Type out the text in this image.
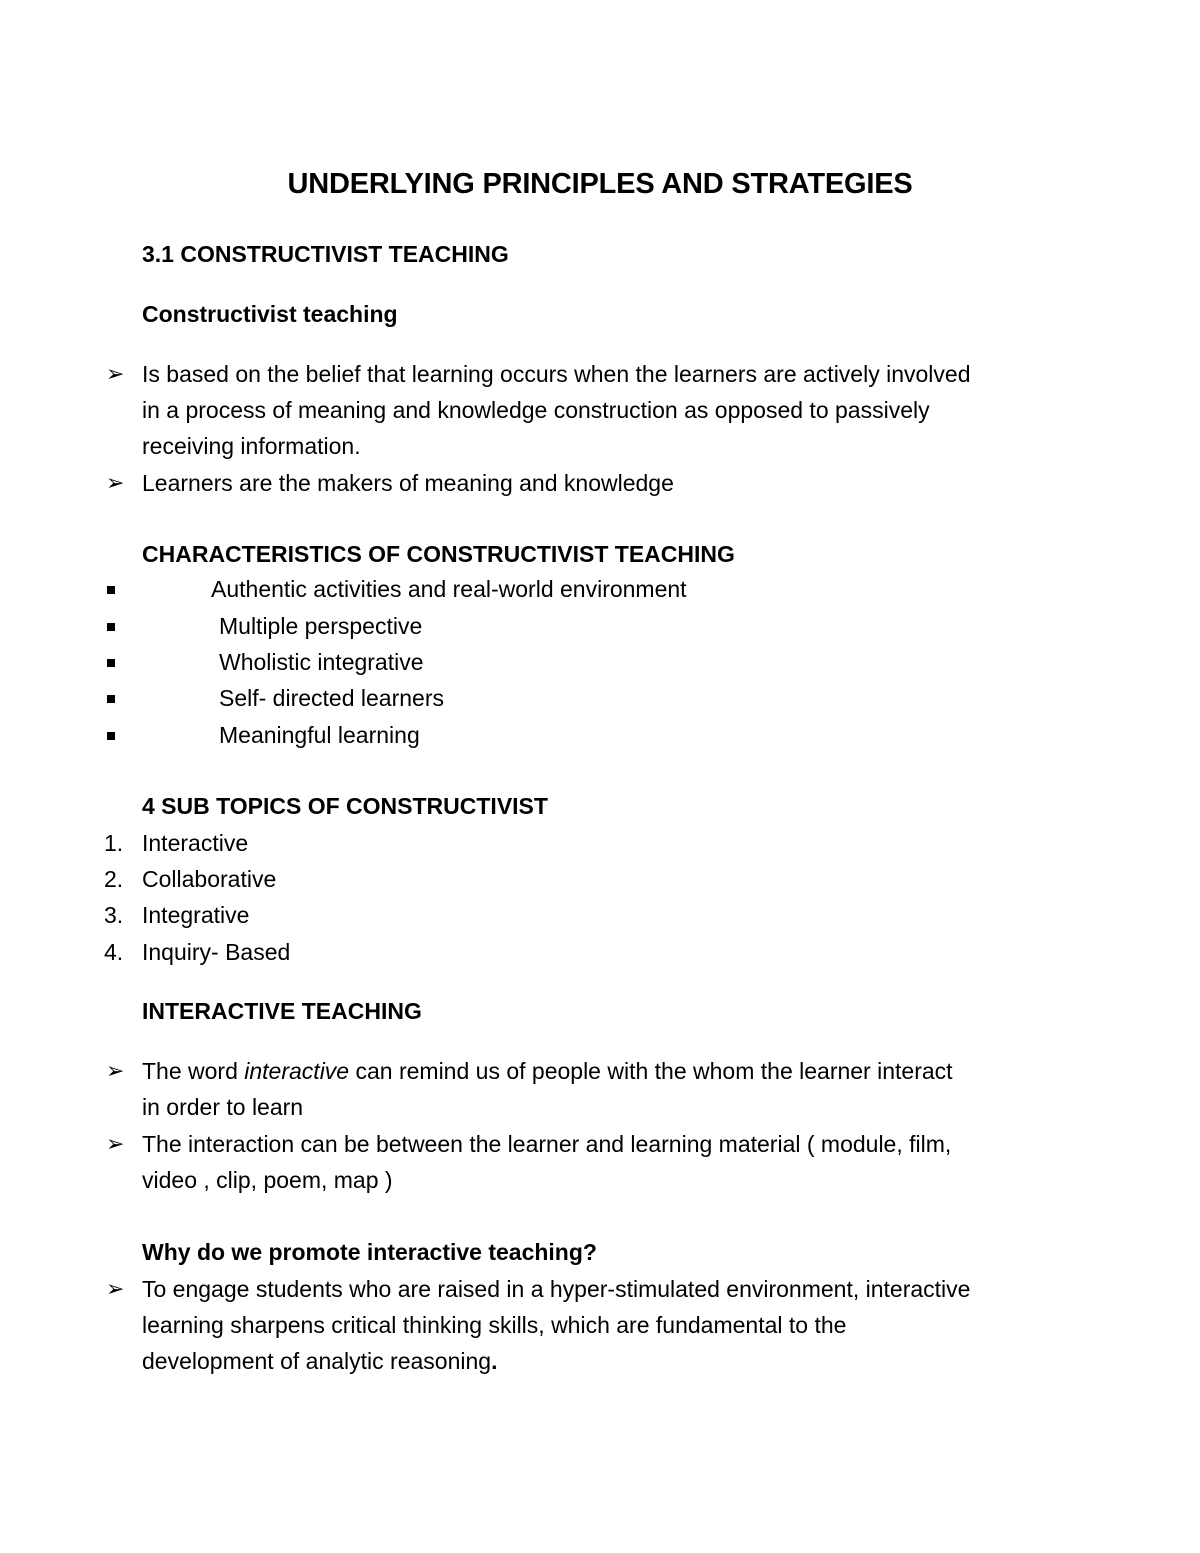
UNDERLYING PRINCIPLES AND STRATEGIES
3.1 CONSTRUCTIVIST TEACHING
Constructivist teaching
➢ Is based on the belief that learning occurs when the learners are actively involved
in a process of meaning and knowledge construction as opposed to passively
receiving information.
➢ Learners are the makers of meaning and knowledge
CHARACTERISTICS OF CONSTRUCTIVIST TEACHING
Authentic activities and real-world environment
Multiple perspective
Wholistic integrative
Self- directed learners
Meaningful learning
4 SUB TOPICS OF CONSTRUCTIVIST
1. Interactive
2. Collaborative
3. Integrative
4. Inquiry- Based
INTERACTIVE TEACHING
➢ The word interactive can remind us of people with the whom the learner interact
in order to learn
➢ The interaction can be between the learner and learning material ( module, film,
video , clip, poem, map )
Why do we promote interactive teaching?
➢ To engage students who are raised in a hyper-stimulated environment, interactive
learning sharpens critical thinking skills, which are fundamental to the
development of analytic reasoning.
